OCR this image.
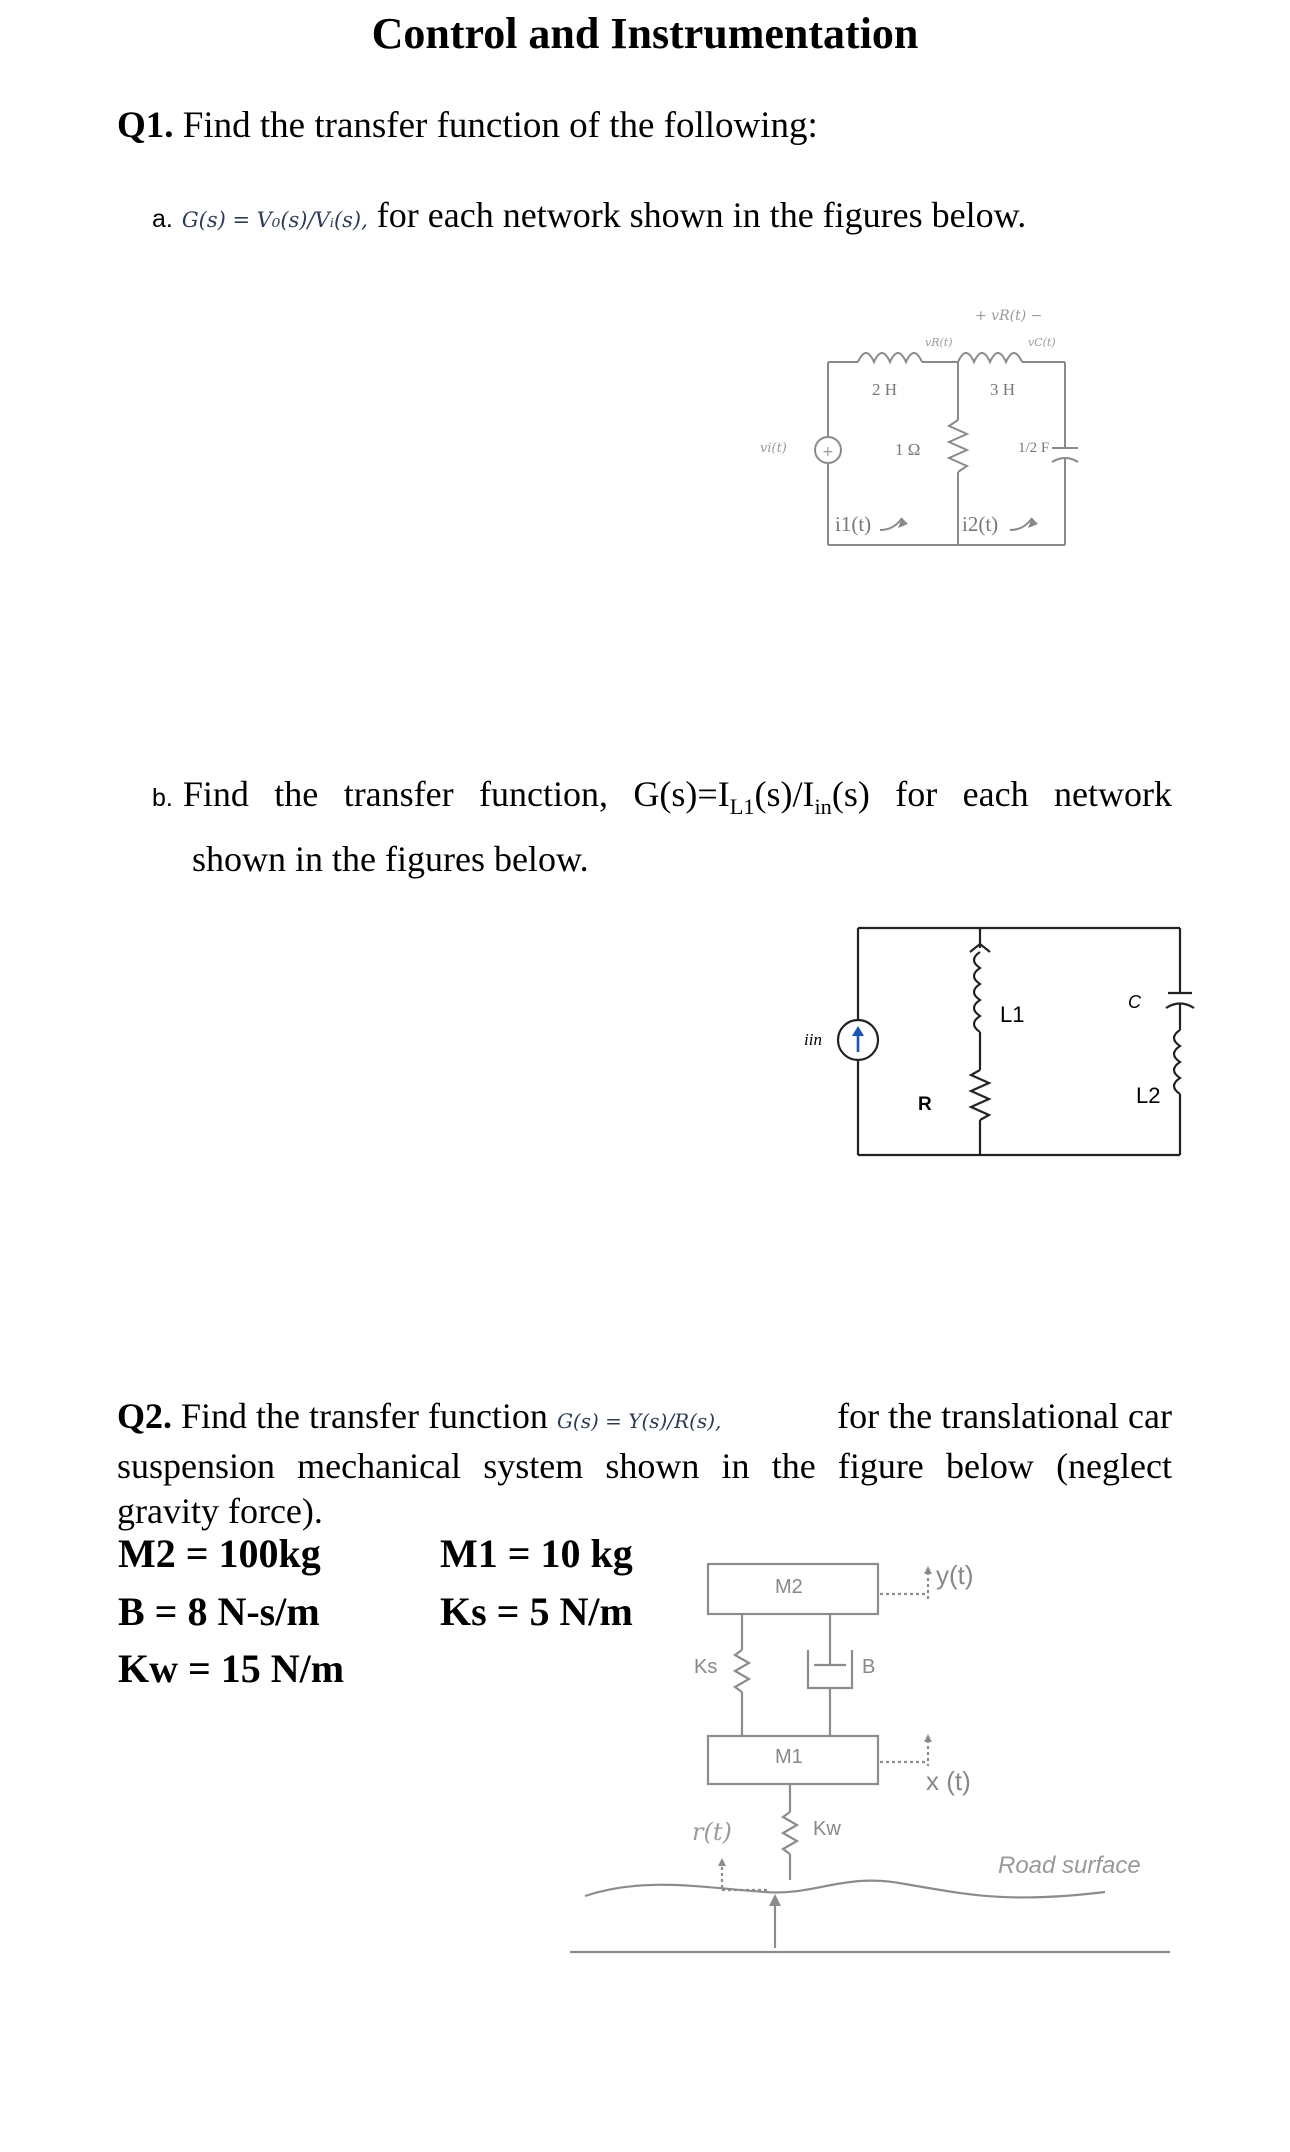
Control and Instrumentation
Q1. Find the transfer function of the following:
a. G(s) = V₀(s)/Vᵢ(s), for each network shown in the figures below.
+
+ vR(t) −
vR(t)	vC(t)
2 H	3 H
1 Ω	1/2 F
vi(t)
i1(t)	i2(t)
b. Find the transfer function, $G(s)=I_{L1}(s)/I_{in}(s)$ for each network
shown in the figures below.
iin
R
L1	C
L2
Q2. Find the transfer function G(s) = Y(s)/R(s),	for the translational car
suspension mechanical system shown in the figure below (neglect
gravity force).
M2 = 100kg
B = 8 N-s/m
Kw = 15 N/m
M1 = 10 kg
Ks = 5 N/m
M2
M1
Ks	B
Kw
y(t)
x (t)
r(t)
Road surface
